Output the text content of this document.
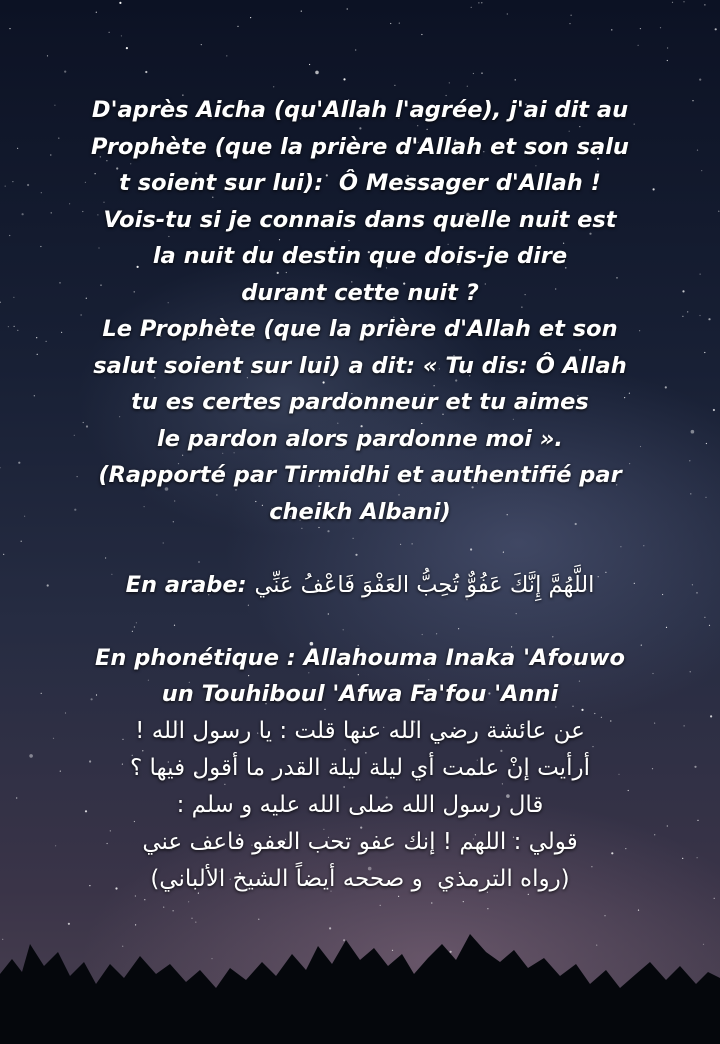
D'après Aicha (qu'Allah l'agrée), j'ai dit au
Prophète (que la prière d'Allah et son salu
t soient sur lui):  Ô Messager d'Allah !
Vois-tu si je connais dans quelle nuit est
la nuit du destin que dois-je dire
durant cette nuit ?
Le Prophète (que la prière d'Allah et son
salut soient sur lui) a dit: « Tu dis: Ô Allah
tu es certes pardonneur et tu aimes
le pardon alors pardonne moi ».
(Rapporté par Tirmidhi et authentifié par
cheikh Albani)
En arabe: اللَّهُمَّ إِنَّكَ عَفُوٌّ تُحِبُّ العَفْوَ فَاعْفُ عَنِّي
En phonétique : Allahouma Inaka 'Afouwo
un Touhiboul 'Afwa Fa'fou 'Anni
عن عائشة رضي الله عنها قلت : يا رسول الله !
أرأيت إنْ علمت أي ليلة ليلة القدر ما أقول فيها ؟
قال رسول الله صلى الله عليه و سلم :
قولي : اللهم ! إنك عفو تحب العفو فاعف عني
(رواه الترمذي  و صححه أيضاً الشيخ الألباني)
